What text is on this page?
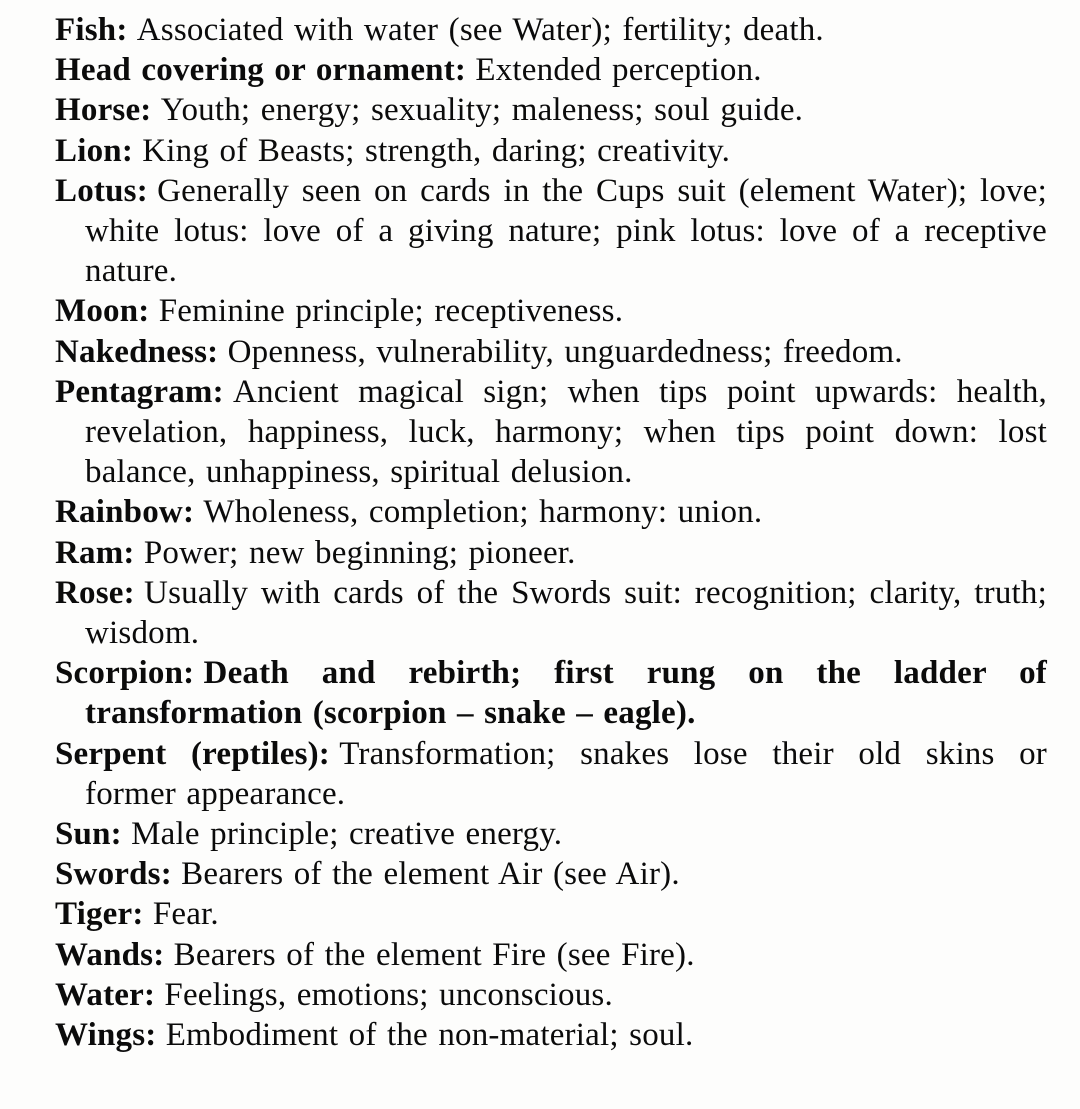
Fish: Associated with water (see Water); fertility; death.

Head covering or ornament: Extended perception.

Horse: Youth; energy; sexuality; maleness; soul guide.

Lion: King of Beasts; strength, daring; creativity.

Lotus: Generally seen on cards in the Cups suit (element Water); love; white lotus: love of a giving nature; pink lotus: love of a receptive nature.

Moon: Feminine principle; receptiveness.

Nakedness: Openness, vulnerability, unguardedness; freedom.

Pentagram: Ancient magical sign; when tips point upwards: health, revelation, happiness, luck, harmony; when tips point down: lost balance, unhappiness, spiritual delusion.

Rainbow: Wholeness, completion; harmony: union.

Ram: Power; new beginning; pioneer.

Rose: Usually with cards of the Swords suit: recognition; clarity, truth; wisdom.

Scorpion: Death and rebirth; first rung on the ladder of transformation (scorpion – snake – eagle).

Serpent (reptiles): Transformation; snakes lose their old skins or former appearance.

Sun: Male principle; creative energy.

Swords: Bearers of the element Air (see Air).

Tiger: Fear.

Wands: Bearers of the element Fire (see Fire).

Water: Feelings, emotions; unconscious.

Wings: Embodiment of the non-material; soul.
